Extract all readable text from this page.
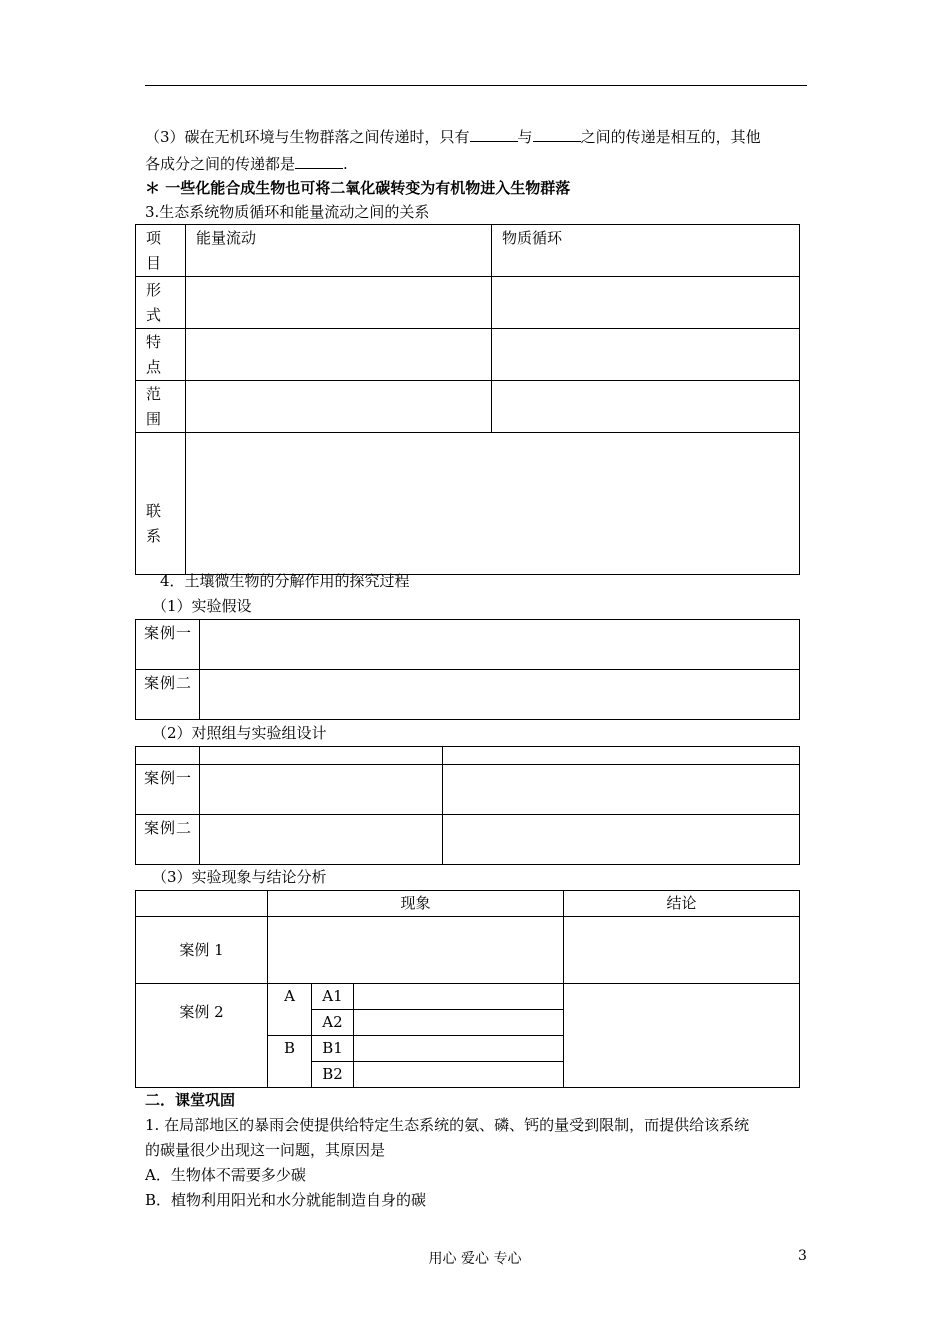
（3）碳在无机环境与生物群落之间传递时，只有	与	之间的传递是相互的，其他
各成分之间的传递都是	.
＊ 一些化能合成生物也可将二氧化碳转变为有机物进入生物群落
3.生态系统物质循环和能量流动之间的关系
项目	能量流动	物质循环

形式		

特点		

范围		

联系		

4．土壤微生物的分解作用的探究过程
（1）实验假设
案例一	
案例二	
（2）对照组与实验组设计

案例一		
案例二		
（3）实验现象与结论分析
	现象			结论
案例 1				
案例 2	A	A1		
		A2		
	B	B1		
		B2		
二．课堂巩固
1. 在局部地区的暴雨会使提供给特定生态系统的氨、磷、钙的量受到限制，而提供给该系统
的碳量很少出现这一问题，其原因是
A．生物体不需要多少碳
B．植物利用阳光和水分就能制造自身的碳
用心 爱心 专心	3
